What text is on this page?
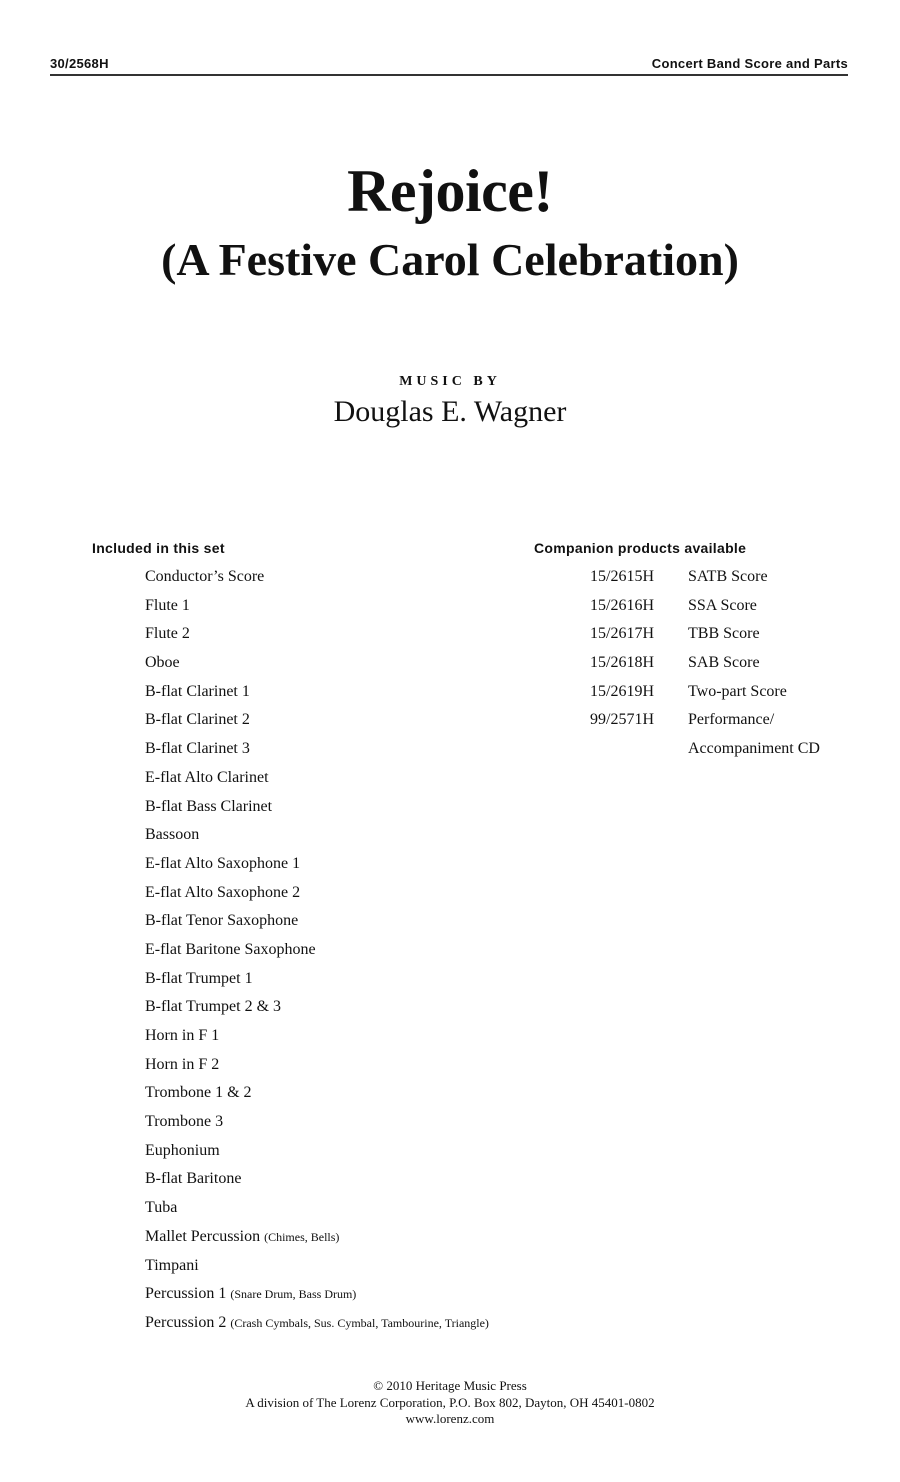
30/2568H	Concert Band Score and Parts
Rejoice!
(A Festive Carol Celebration)
MUSIC BY
Douglas E. Wagner
Included in this set
Conductor’s Score
Flute 1
Flute 2
Oboe
B-flat Clarinet 1
B-flat Clarinet 2
B-flat Clarinet 3
E-flat Alto Clarinet
B-flat Bass Clarinet
Bassoon
E-flat Alto Saxophone 1
E-flat Alto Saxophone 2
B-flat Tenor Saxophone
E-flat Baritone Saxophone
B-flat Trumpet 1
B-flat Trumpet 2 & 3
Horn in F 1
Horn in F 2
Trombone 1 & 2
Trombone 3
Euphonium
B-flat Baritone
Tuba
Mallet Percussion (Chimes, Bells)
Timpani
Percussion 1 (Snare Drum, Bass Drum)
Percussion 2 (Crash Cymbals, Sus. Cymbal, Tambourine, Triangle)
Companion products available
15/2615H	SATB Score
15/2616H	SSA Score
15/2617H	TBB Score
15/2618H	SAB Score
15/2619H	Two-part Score
99/2571H	Performance/
	Accompaniment CD
© 2010 Heritage Music Press
A division of The Lorenz Corporation, P.O. Box 802, Dayton, OH 45401-0802
www.lorenz.com
